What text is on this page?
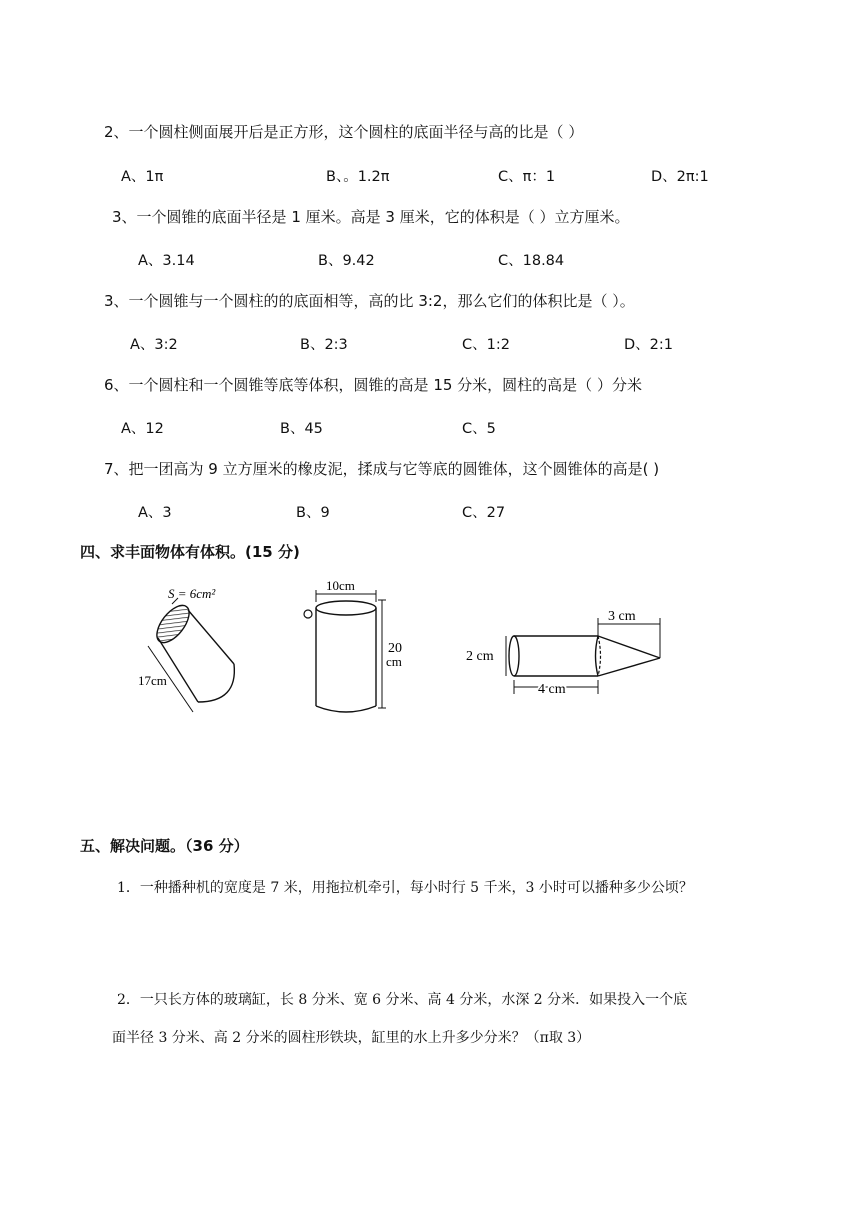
2、一个圆柱侧面展开后是正方形，这个圆柱的底面半径与高的比是（ ）
A、1π	B、。1.2π	C、π：1	D、2π:1
3、一个圆锥的底面半径是 1 厘米。高是 3 厘米，它的体积是（ ）立方厘米。
A、3.14	B、9.42	C、18.84
3、一个圆锥与一个圆柱的的底面相等，高的比 3:2，那么它们的体积比是（ ）。
A、3:2	B、2:3	C、1:2	D、2:1
6、一个圆柱和一个圆锥等底等体积，圆锥的高是 15 分米，圆柱的高是（ ）分米
A、12	B、45	C、5
7、把一团高为 9 立方厘米的橡皮泥，揉成与它等底的圆锥体，这个圆锥体的高是( )
A、3	B、9	C、27
四、求丰面物体有体积。(15 分)
S = 6cm²
17cm
10cm
20
cm
3 cm
2 cm
4 cm
五、解决问题。（36 分）
1．一种播种机的宽度是 7 米，用拖拉机牵引，每小时行 5 千米，3 小时可以播种多少公顷？
2．一只长方体的玻璃缸，长 8 分米、宽 6 分米、高 4 分米，水深 2 分米．如果投入一个底
面半径 3 分米、高 2 分米的圆柱形铁块，缸里的水上升多少分米？（π取 3）
